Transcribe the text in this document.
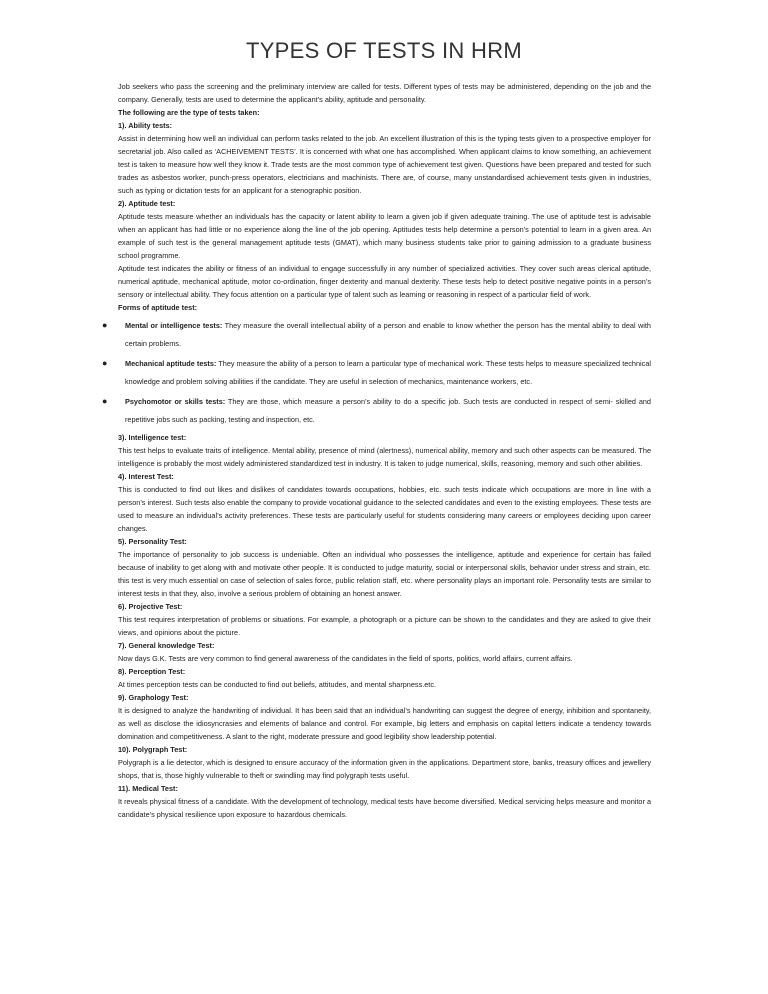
TYPES OF TESTS IN HRM

Job seekers who pass the screening and the preliminary interview are called for tests. Different types of tests may be administered, depending on the job and the company. Generally, tests are used to determine the applicant’s ability, aptitude and personality.

The following are the type of tests taken:

1). Ability tests:

Assist in determining how well an individual can perform tasks related to the job. An excellent illustration of this is the typing tests given to a prospective employer for secretarial job. Also called as ‘ACHEIVEMENT TESTS’. It is concerned with what one has accomplished. When applicant claims to know something, an achievement test is taken to measure how well they know it. Trade tests are the most common type of achievement test given. Questions have been prepared and tested for such trades as asbestos worker, punch-press operators, electricians and machinists. There are, of course, many unstandardised achievement tests given in industries, such as typing or dictation tests for an applicant for a stenographic position.

2). Aptitude test:

Aptitude tests measure whether an individuals has the capacity or latent ability to learn a given job if given adequate training. The use of aptitude test is advisable when an applicant has had little or no experience along the line of the job opening. Aptitudes tests help determine a person’s potential to learn in a given area. An example of such test is the general management aptitude tests (GMAT), which many business students take prior to gaining admission to a graduate business school programme.

Aptitude test indicates the ability or fitness of an individual to engage successfully in any number of specialized activities. They cover such areas clerical aptitude, numerical aptitude, mechanical aptitude, motor co-ordination, finger dexterity and manual dexterity. These tests help to detect positive negative points in a person’s sensory or intellectual ability. They focus attention on a particular type of talent such as learning or reasoning in respect of a particular field of work.

Forms of aptitude test:

● Mental or intelligence tests: They measure the overall intellectual ability of a person and enable to know whether the person has the mental ability to deal with certain problems.
● Mechanical aptitude tests: They measure the ability of a person to learn a particular type of mechanical work. These tests helps to measure specialized technical knowledge and problem solving abilities if the candidate. They are useful in selection of mechanics, maintenance workers, etc.
● Psychomotor or skills tests: They are those, which measure a person’s ability to do a specific job. Such tests are conducted in respect of semi- skilled and repetitive jobs such as packing, testing and inspection, etc.

3). Intelligence test:

This test helps to evaluate traits of intelligence. Mental ability, presence of mind (alertness), numerical ability, memory and such other aspects can be measured. The intelligence is probably the most widely administered standardized test in industry. It is taken to judge numerical, skills, reasoning, memory and such other abilities.

4). Interest Test:

This is conducted to find out likes and dislikes of candidates towards occupations, hobbies, etc. such tests indicate which occupations are more in line with a person’s interest. Such tests also enable the company to provide vocational guidance to the selected candidates and even to the existing employees. These tests are used to measure an individual’s activity preferences. These tests are particularly useful for students considering many careers or employees deciding upon career changes.

5). Personality Test:

The importance of personality to job success is undeniable. Often an individual who possesses the intelligence, aptitude and experience for certain has failed because of inability to get along with and motivate other people. It is conducted to judge maturity, social or interpersonal skills, behavior under stress and strain, etc. this test is very much essential on case of selection of sales force, public relation staff, etc. where personality plays an important role. Personality tests are similar to interest tests in that they, also, involve a serious problem of obtaining an honest answer.

6). Projective Test:

This test requires interpretation of problems or situations. For example, a photograph or a picture can be shown to the candidates and they are asked to give their views, and opinions about the picture.

7). General knowledge Test:

Now days G.K. Tests are very common to find general awareness of the candidates in the field of sports, politics, world affairs, current affairs.

8). Perception Test:

At times perception tests can be conducted to find out beliefs, attitudes, and mental sharpness.etc.

9). Graphology Test:

It is designed to analyze the handwriting of individual. It has been said that an individual’s handwriting can suggest the degree of energy, inhibition and spontaneity, as well as disclose the idiosyncrasies and elements of balance and control. For example, big letters and emphasis on capital letters indicate a tendency towards domination and competitiveness. A slant to the right, moderate pressure and good legibility show leadership potential.

10). Polygraph Test:

Polygraph is a lie detector, which is designed to ensure accuracy of the information given in the applications. Department store, banks, treasury offices and jewellery shops, that is, those highly vulnerable to theft or swindling may find polygraph tests useful.

11). Medical Test:

It reveals physical fitness of a candidate. With the development of technology, medical tests have become diversified. Medical servicing helps measure and monitor a candidate’s physical resilience upon exposure to hazardous chemicals.
